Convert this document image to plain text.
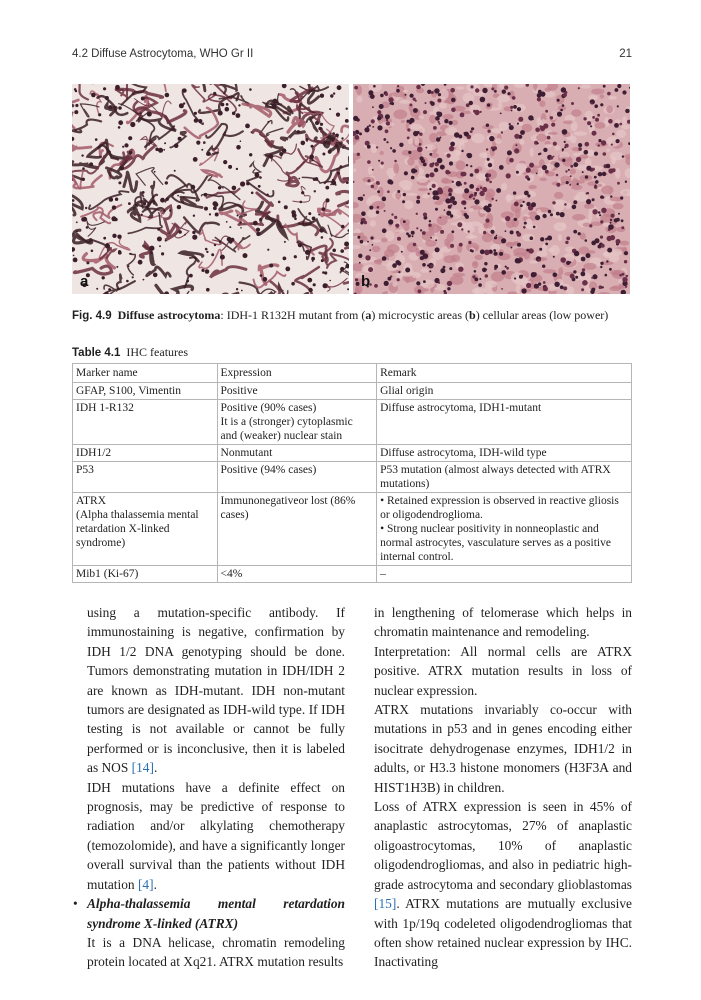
4.2 Diffuse Astrocytoma, WHO Gr II	21
a	b
Fig. 4.9 Diffuse astrocytoma: IDH-1 R132H mutant from (a) microcystic areas (b) cellular areas (low power)
Table 4.1 IHC features
Marker name	Expression	Remark

GFAP, S100, Vimentin	Positive	Glial origin

IDH 1-R132	Positive (90% cases)
It is a (stronger) cytoplasmic
and (weaker) nuclear stain	Diffuse astrocytoma, IDH1-mutant

IDH1/2	Nonmutant	Diffuse astrocytoma, IDH-wild type

P53	Positive (94% cases)	P53 mutation (almost always detected with ATRX
mutations)

ATRX
(Alpha thalassemia mental
retardation X-linked
syndrome)	Immunonegativeor lost (86%
cases)	• Retained expression is observed in reactive gliosis
or oligodendroglioma.
• Strong nuclear positivity in nonneoplastic and
normal astrocytes, vasculature serves as a positive
internal control.

Mib1 (Ki-67)	<4%	–

using a mutation-specific antibody. If immunostaining is negative, confirmation by IDH 1/2 DNA genotyping should be done. Tumors demonstrating mutation in IDH/IDH 2 are known as IDH-mutant. IDH non-mutant tumors are designated as IDH-wild type. If IDH testing is not available or cannot be fully performed or is inconclusive, then it is labeled as NOS [14].

IDH mutations have a definite effect on prognosis, may be predictive of response to radiation and/or alkylating chemotherapy (temozolomide), and have a significantly longer overall survival than the patients without IDH mutation [4].

• Alpha-thalassemia mental retardation syndrome X-linked (ATRX)

It is a DNA helicase, chromatin remodeling protein located at Xq21. ATRX mutation results

in lengthening of telomerase which helps in chromatin maintenance and remodeling.

Interpretation: All normal cells are ATRX positive. ATRX mutation results in loss of nuclear expression.

ATRX mutations invariably co-occur with mutations in p53 and in genes encoding either isocitrate dehydrogenase enzymes, IDH1/2 in adults, or H3.3 histone monomers (H3F3A and HIST1H3B) in children.

Loss of ATRX expression is seen in 45% of anaplastic astrocytomas, 27% of anaplastic oligoastrocytomas, 10% of anaplastic oligodendrogliomas, and also in pediatric high-grade astrocytoma and secondary glioblastomas [15]. ATRX mutations are mutually exclusive with 1p/19q codeleted oligodendrogliomas that often show retained nuclear expression by IHC. Inactivating
